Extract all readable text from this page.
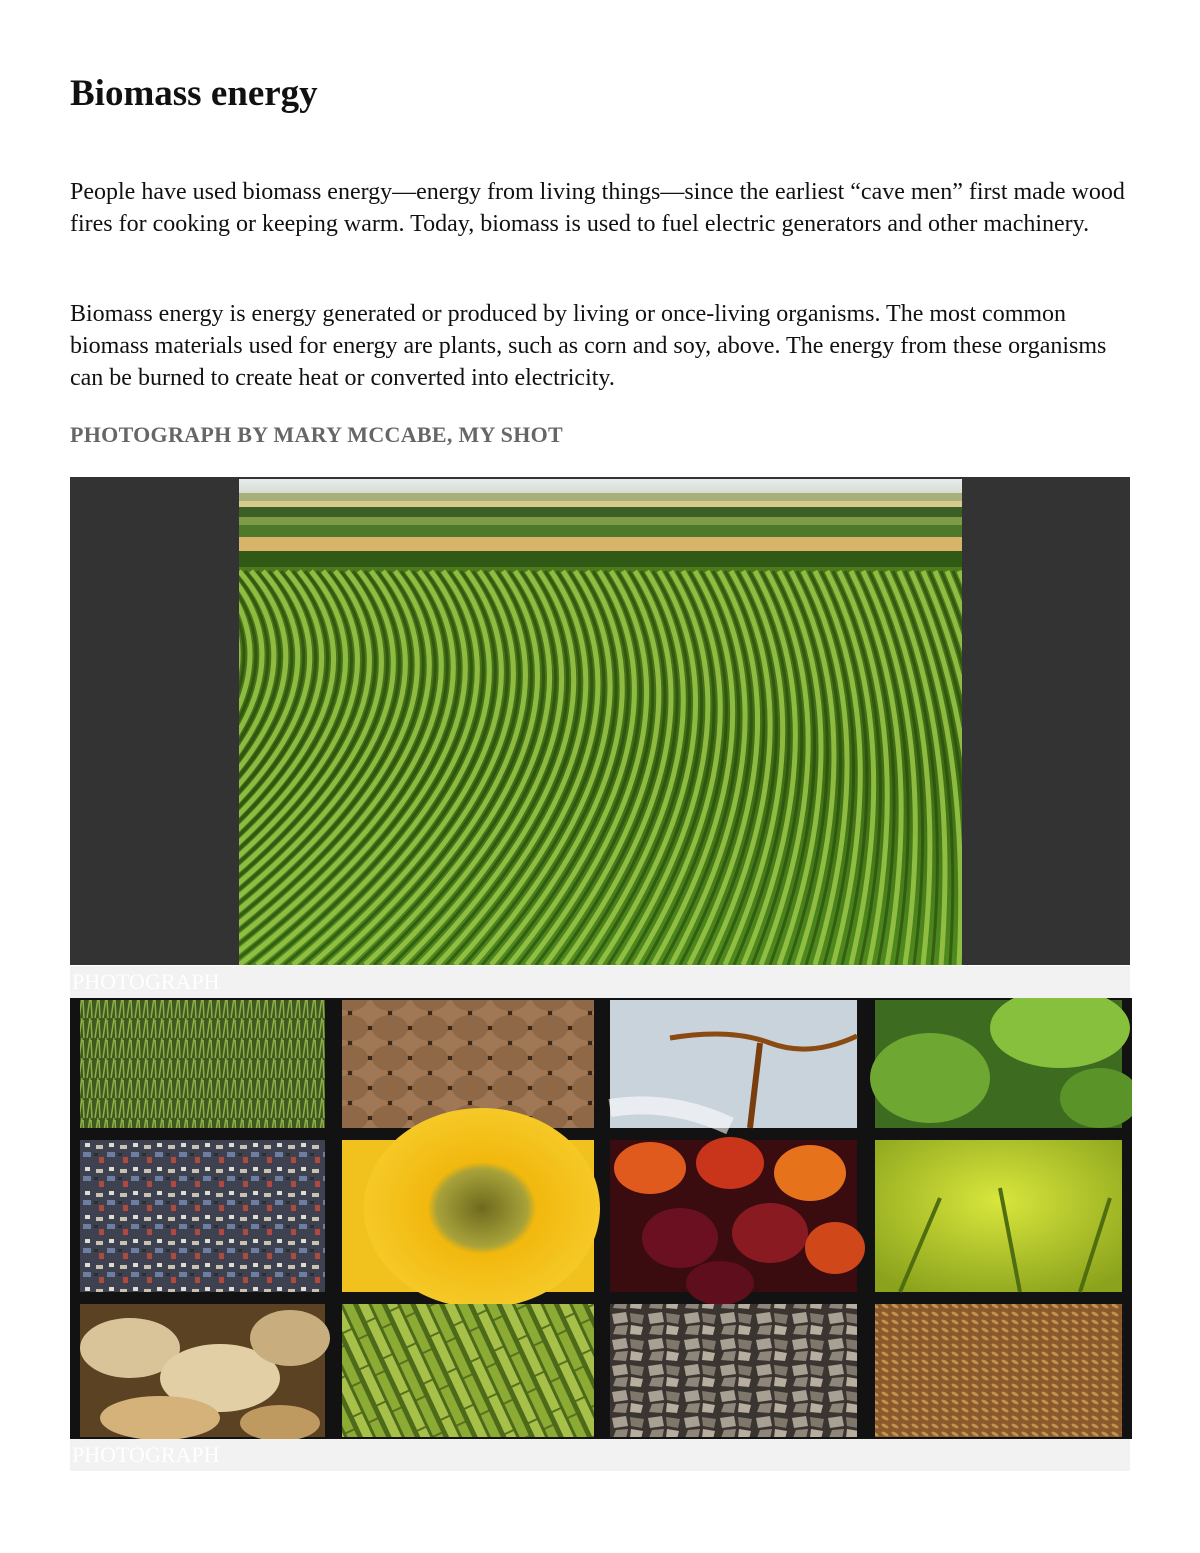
Biomass energy

People have used biomass energy—energy from living things—since the earliest “cave men” first made wood fires for cooking or keeping warm. Today, biomass is used to fuel electric generators and other machinery.

Biomass energy is energy generated or produced by living or once-living organisms. The most common biomass materials used for energy are plants, such as corn and soy, above. The energy from these organisms can be burned to create heat or converted into electricity.

PHOTOGRAPH BY MARY MCCABE, MY SHOT

PHOTOGRAPH
PHOTOGRAPH
